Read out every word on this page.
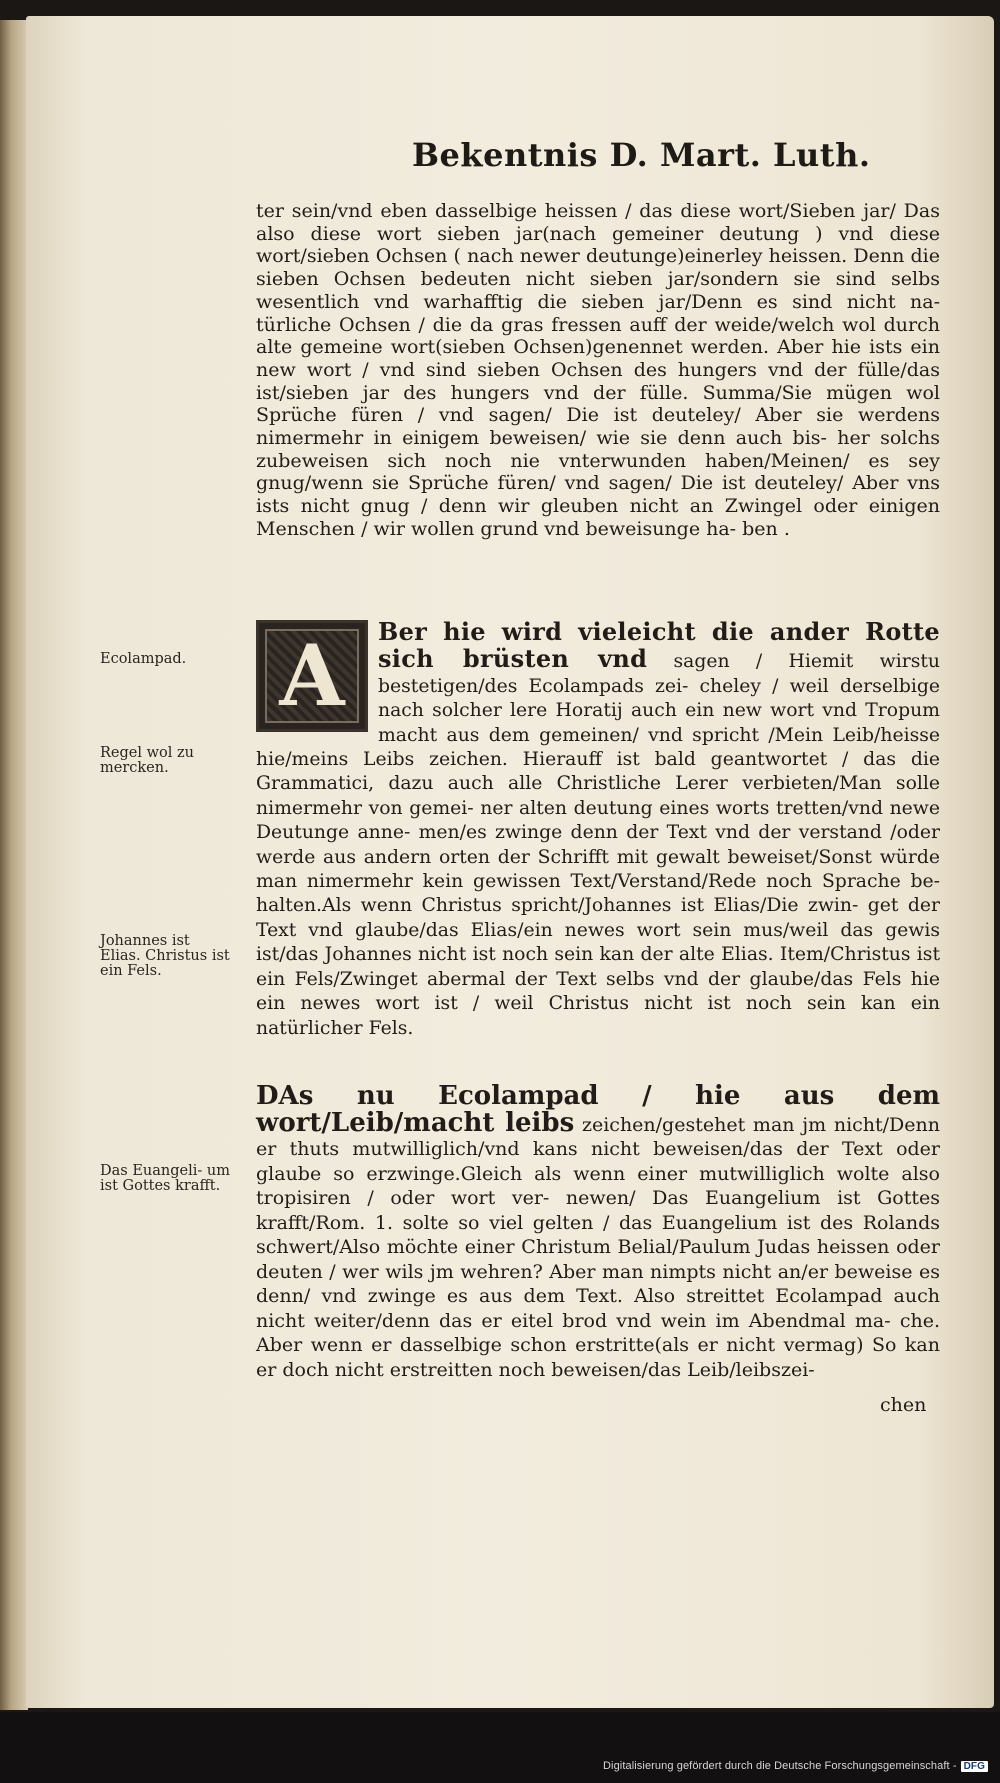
Bekentnis D. Mart. Luth.

ter sein/vnd eben dasselbige heissen / das diese wort/Sieben jar/ Das also diese wort sieben jar(nach gemeiner deutung ) vnd diese wort/sieben Ochsen ( nach newer deutunge)einerley heissen. Denn die sieben Ochsen bedeuten nicht sieben jar/sondern sie sind selbs wesentlich vnd warhafftig die sieben jar/Denn es sind nicht na- türliche Ochsen / die da gras fressen auff der weide/welch wol durch alte gemeine wort(sieben Ochsen)genennet werden. Aber hie ists ein new wort / vnd sind sieben Ochsen des hungers vnd der fülle/das ist/sieben jar des hungers vnd der fülle. Summa/Sie mügen wol Sprüche füren / vnd sagen/ Die ist deuteley/ Aber sie werdens nimermehr in einigem beweisen/ wie sie denn auch bis- her solchs zubeweisen sich noch nie vnterwunden haben/Meinen/ es sey gnug/wenn sie Sprüche füren/ vnd sagen/ Die ist deuteley/ Aber vns ists nicht gnug / denn wir gleuben nicht an Zwingel oder einigen Menschen / wir wollen grund vnd beweisunge ha- ben .

A	Ber hie wird vieleicht die ander Rotte sich brüsten vnd sagen / Hiemit wirstu bestetigen/des Ecolampads zei- cheley / weil derselbige nach solcher lere Horatij auch ein new wort vnd Tropum macht aus dem gemeinen/ vnd spricht /Mein Leib/heisse hie/meins Leibs zeichen. Hierauff ist bald geantwortet / das die Grammatici, dazu auch alle Christliche Lerer verbieten/Man solle nimermehr von gemei- ner alten deutung eines worts tretten/vnd newe Deutunge anne- men/es zwinge denn der Text vnd der verstand /oder werde aus andern orten der Schrifft mit gewalt beweiset/Sonst würde man nimermehr kein gewissen Text/Verstand/Rede noch Sprache be- halten.Als wenn Christus spricht/Johannes ist Elias/Die zwin- get der Text vnd glaube/das Elias/ein newes wort sein mus/weil das gewis ist/das Johannes nicht ist noch sein kan der alte Elias. Item/Christus ist ein Fels/Zwinget abermal der Text selbs vnd der glaube/das Fels hie ein newes wort ist / weil Christus nicht ist noch sein kan ein natürlicher Fels.

DAs nu Ecolampad / hie aus dem wort/Leib/macht leibs zeichen/gestehet man jm nicht/Denn er thuts mutwilliglich/vnd kans nicht beweisen/das der Text oder glaube so erzwinge.Gleich als wenn einer mutwilliglich wolte also tropisiren / oder wort ver- newen/ Das Euangelium ist Gottes krafft/Rom. 1. solte so viel gelten / das Euangelium ist des Rolands schwert/Also möchte einer Christum Belial/Paulum Judas heissen oder deuten / wer wils jm wehren? Aber man nimpts nicht an/er beweise es denn/ vnd zwinge es aus dem Text. Also streittet Ecolampad auch nicht weiter/denn das er eitel brod vnd wein im Abendmal ma- che. Aber wenn er dasselbige schon erstritte(als er nicht vermag) So kan er doch nicht erstreitten noch beweisen/das Leib/leibszei-

chen
Ecolampad.
Regel wol zu mercken.
Johannes ist Elias. Christus ist ein Fels.
Das Euangeli- um ist Gottes krafft.
Digitalisierung gefördert durch die Deutsche Forschungsgemeinschaft - DFG
